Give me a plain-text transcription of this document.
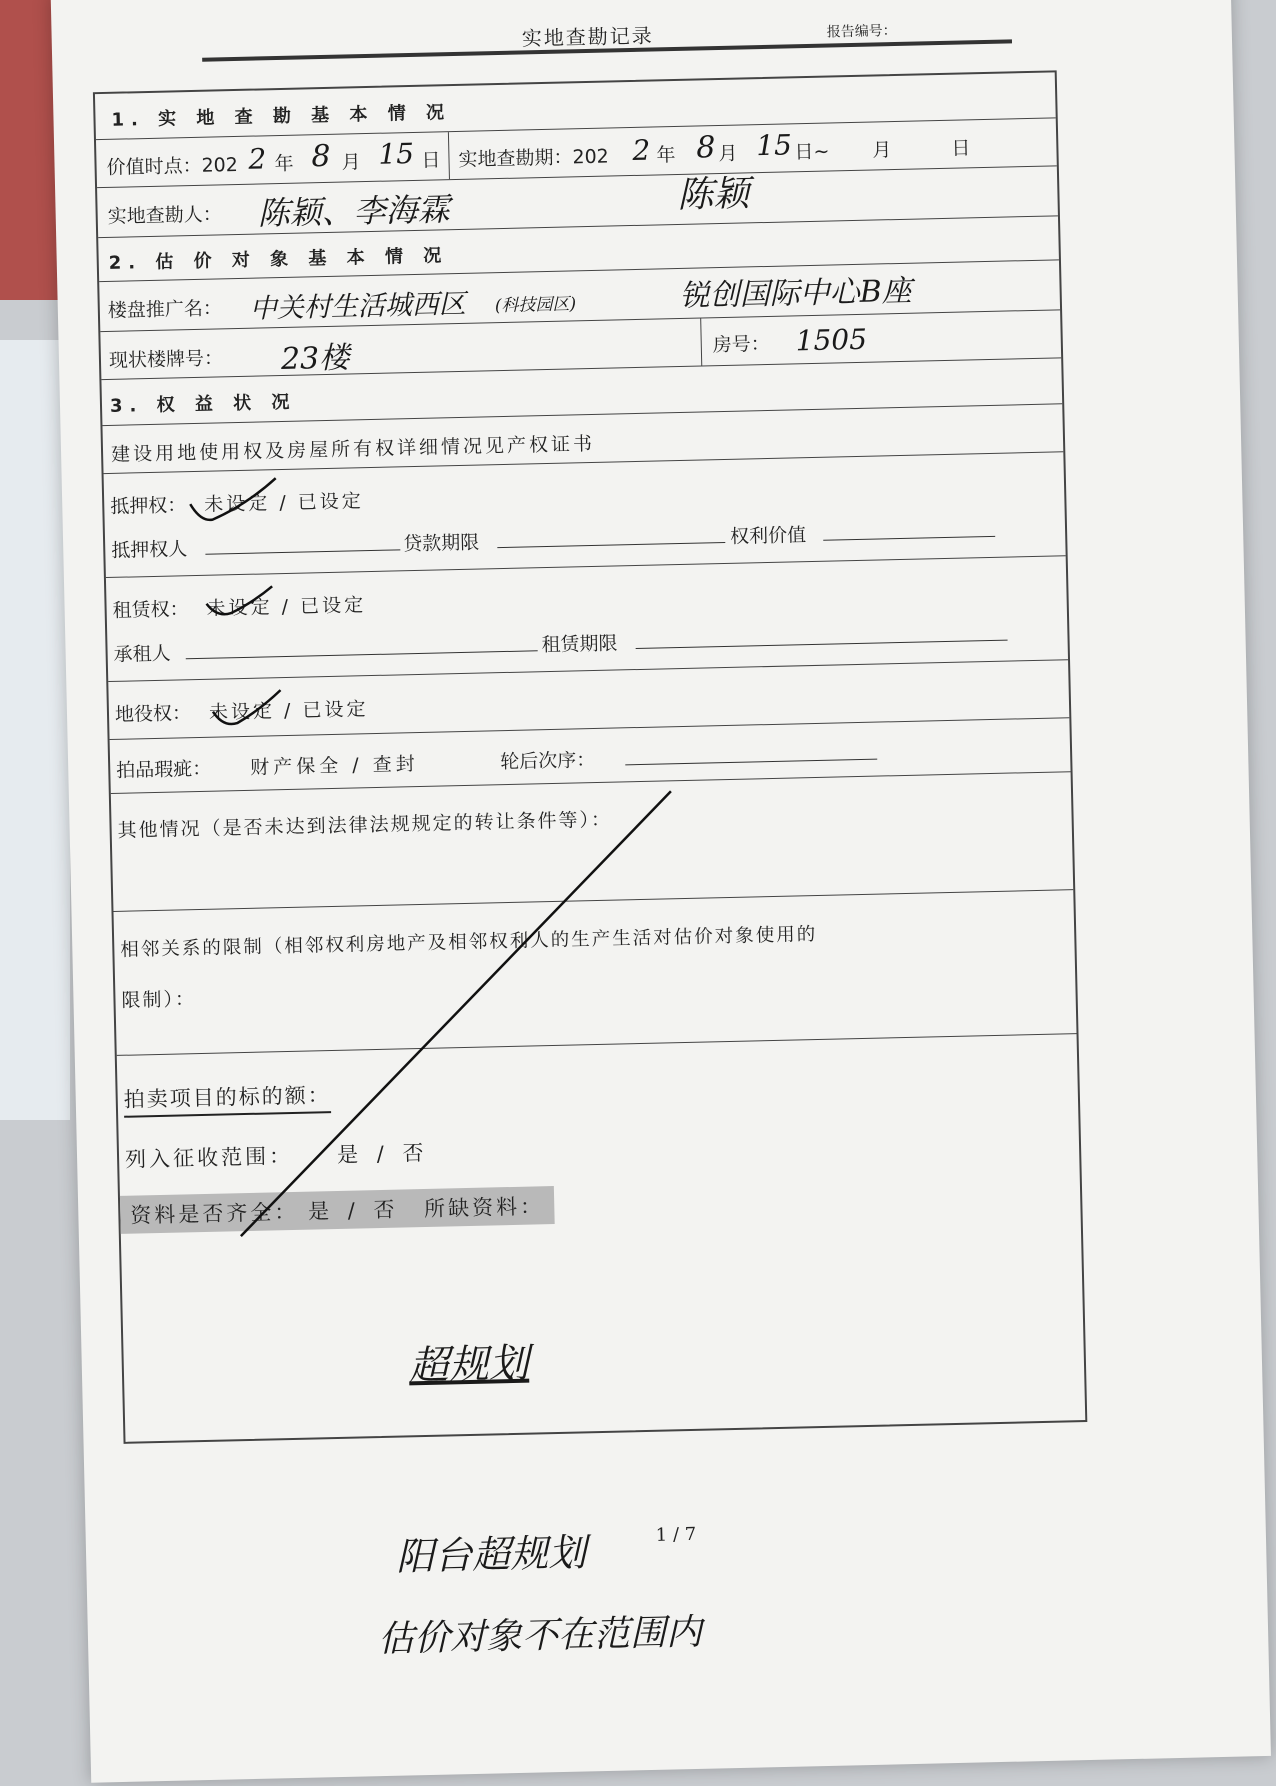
实地查勘记录	报告编号：
1. 实 地 查 勘 基 本 情 况
价值时点：202 2 年 8 月 15 日 实地查勘期：202 2 年 8 月 15 日~ 月	日
实地查勘人： 陈颖、李海霖	陈颖
2. 估 价 对 象 基 本 情 况
楼盘推广名： 中关村生活城西区 (科技园区)	锐创国际中心B座
现状楼牌号： 23楼	房号： 1505
3. 权 益 状 况
建设用地使用权及房屋所有权详细情况见产权证书
抵押权： 未设定 / 已设定
抵押权人	贷款期限	权利价值
租赁权： 未设定 / 已设定
承租人	租赁期限
地役权： 未设定 / 已设定
拍品瑕疵： 财产保全 / 查封	轮后次序：
其他情况（是否未达到法律法规规定的转让条件等）：
相邻关系的限制（相邻权利房地产及相邻权利人的生产生活对估价对象使用的
限制）：
拍卖项目的标的额：
列入征收范围： 是 / 否
资料是否齐全： 是 / 否 所缺资料：
超规划
1 / 7
阳台超规划
估价对象不在范围内
